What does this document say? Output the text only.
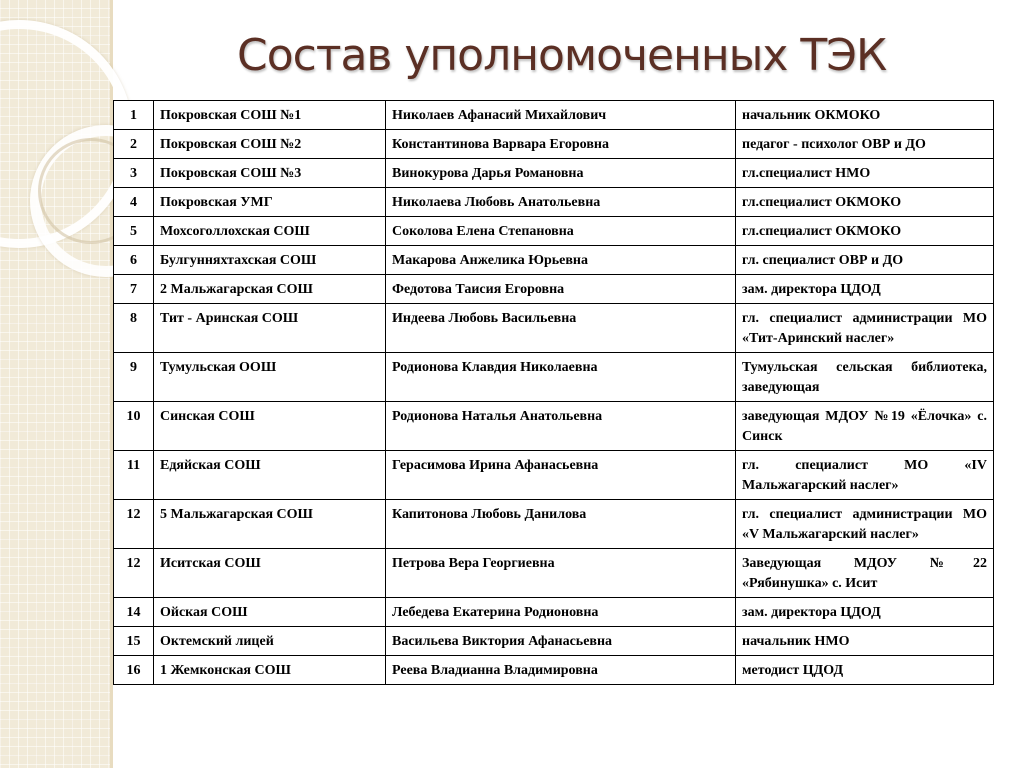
Состав уполномоченных ТЭК
1	Покровская СОШ №1	Николаев Афанасий Михайлович	начальник ОКМОКО
2	Покровская СОШ №2	Константинова Варвара Егоровна	педагог - психолог ОВР и ДО
3	Покровская СОШ №3	Винокурова Дарья Романовна	гл.специалист НМО
4	Покровская УМГ	Николаева Любовь Анатольевна	гл.специалист ОКМОКО
5	Мохсоголлохская СОШ	Соколова Елена Степановна	гл.специалист ОКМОКО
6	Булгунняхтахская СОШ	Макарова Анжелика Юрьевна	гл. специалист ОВР и ДО
7	2 Мальжагарская СОШ	Федотова Таисия Егоровна	зам. директора ЦДОД
8	Тит - Аринская СОШ	Индеева Любовь Васильевна	гл. специалист администрации МО «Тит-Аринский наслег»
9	Тумульская ООШ	Родионова Клавдия Николаевна	Тумульская сельская библиотека, заведующая
10	Синская СОШ	Родионова Наталья Анатольевна	заведующая МДОУ №19 «Ёлочка» с. Синск
11	Едяйская СОШ	Герасимова Ирина Афанасьевна	гл. специалист МО «IV Мальжагарский наслег»
12	5 Мальжагарская СОШ	Капитонова Любовь Данилова	гл. специалист администрации МО «V Мальжагарский наслег»
12	Иситская СОШ	Петрова Вера Георгиевна	Заведующая МДОУ №22 «Рябинушка» с. Исит
14	Ойская СОШ	Лебедева Екатерина Родионовна	зам. директора ЦДОД
15	Октемский лицей	Васильева Виктория Афанасьевна	начальник НМО
16	1 Жемконская СОШ	Реева Владианна Владимировна	методист ЦДОД
